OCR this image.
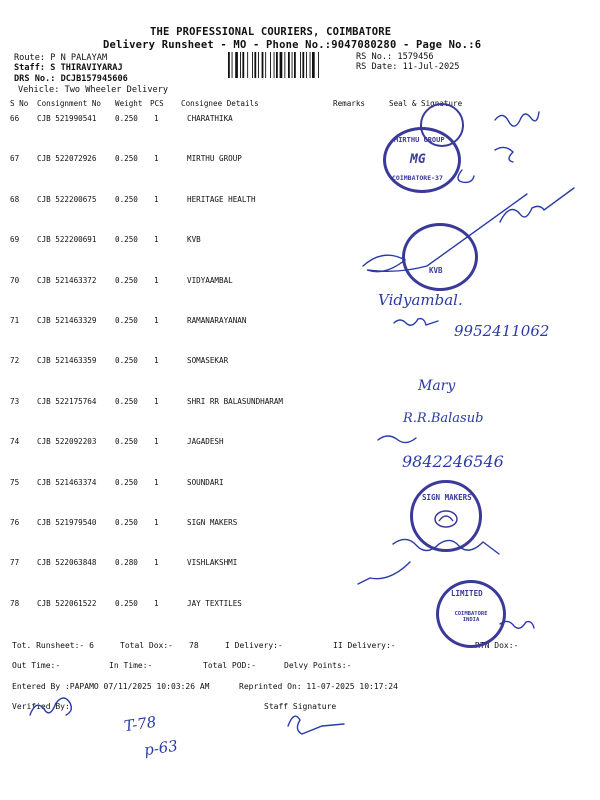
THE PROFESSIONAL COURIERS, COIMBATORE
Delivery Runsheet - MO - Phone No.:9047080280 - Page No.:6
Route: P N PALAYAM
Staff: S THIRAVIYARAJ
DRS No.: DCJB157945606
Vehicle: Two Wheeler Delivery
RS No.: 1579456
RS Date: 11-Jul-2025
S No Consignment No Weight PCS Consignee Details	Remarks	Seal & Signature
66 CJB 521990541 0.250 1	CHARATHIKA
67 CJB 522072926 0.250 1	MIRTHU GROUP
68 CJB 522200675 0.250 1	HERITAGE HEALTH
69 CJB 522200691 0.250 1	KVB
70 CJB 521463372 0.250 1	VIDYAAMBAL
71 CJB 521463329 0.250 1	RAMANARAYANAN
72 CJB 521463359 0.250 1	SOMASEKAR
73 CJB 522175764 0.250 1	SHRI RR BALASUNDHARAM
74 CJB 522092203 0.250 1	JAGADESH
75 CJB 521463374 0.250 1	SOUNDARI
76 CJB 521979540 0.250 1	SIGN MAKERS
77 CJB 522063848 0.280 1	VISHLAKSHMI
78 CJB 522061522 0.250 1	JAY TEXTILES
Tot. Runsheet:- 6	Total Dox:- 78	I Delivery:-	II Delivery:-	RTN Dox:-
Out Time:-	In Time:-	Total POD:-	Delvy Points:-
Entered By :PAPAMO 07/11/2025 10:03:26 AM	Reprinted On: 11-07-2025 10:17:24
Verified By:	Staff Signature
MIRTHU GROUP
MG
COIMBATORE-37
KVB
SIGN MAKERS
LIMITED
COIMBATORE INDIA
Vidyambal.
9952411062
Mary
R.R.Balasub
9842246546
T-78
p-63
